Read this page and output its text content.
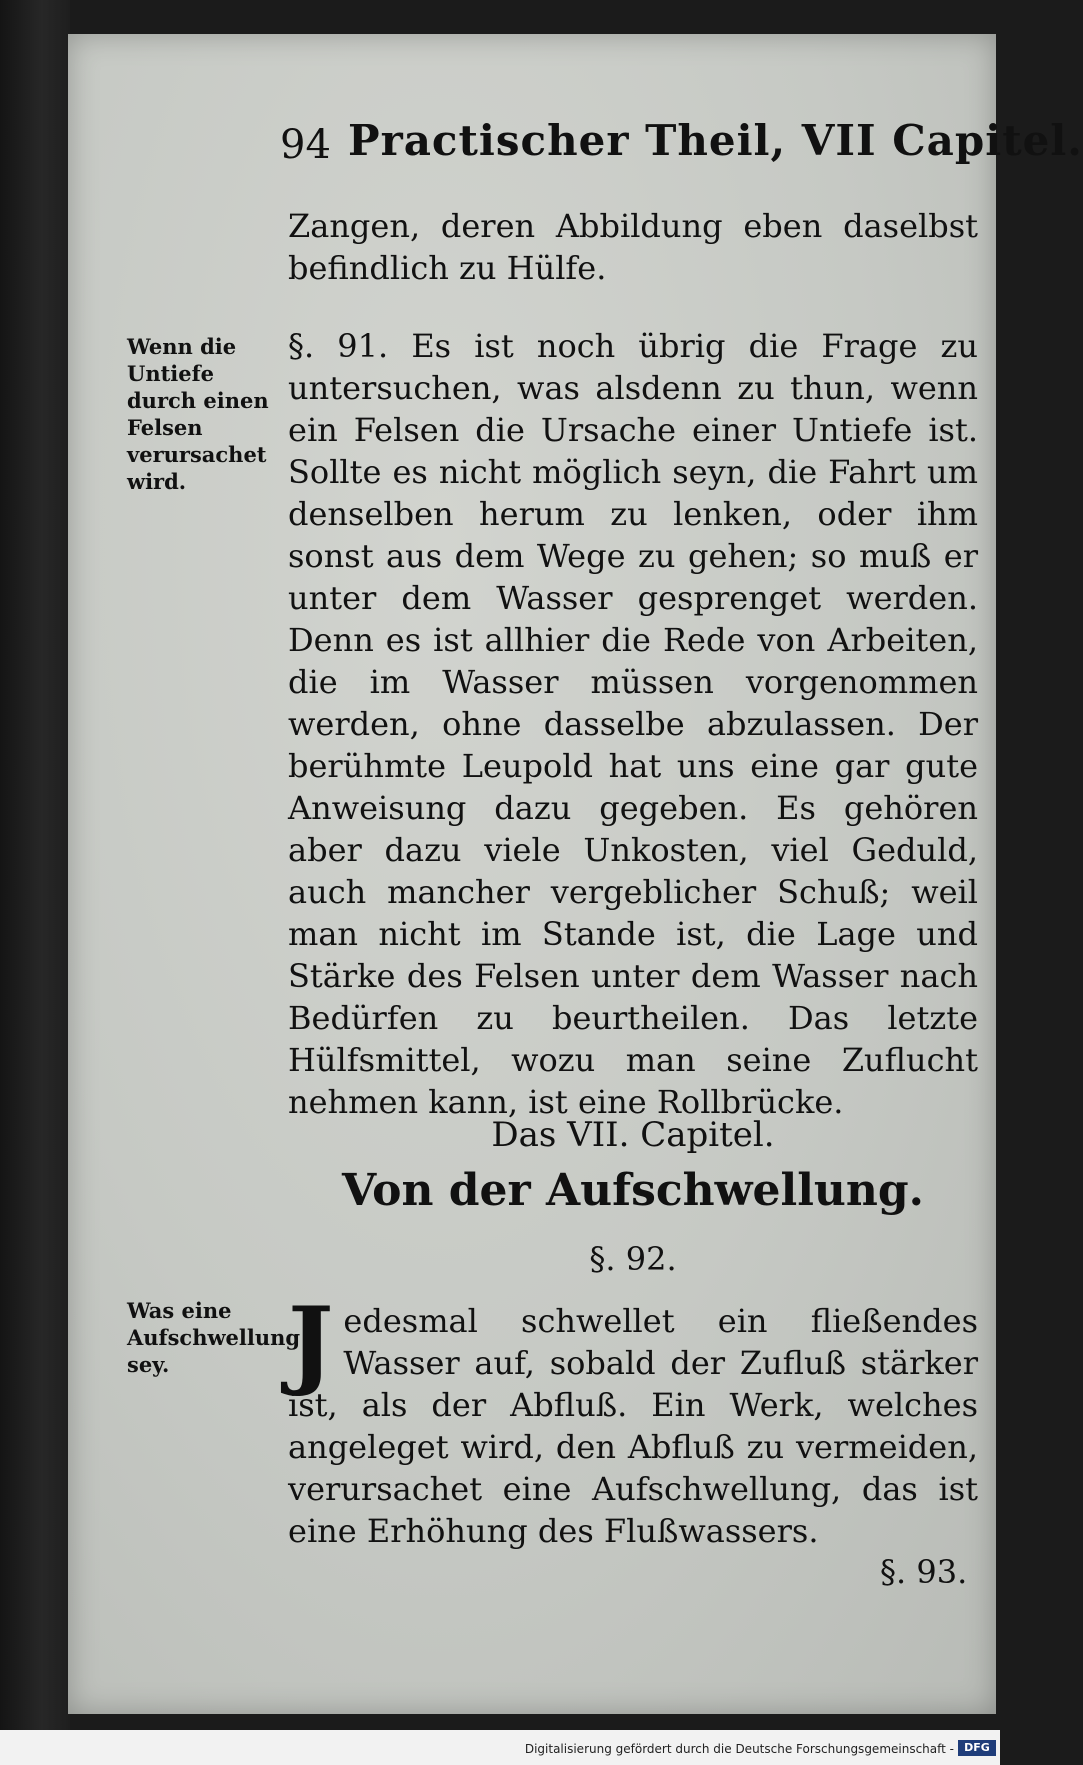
94 Practischer Theil, VII Capitel.
Zangen, deren Abbildung eben daselbst befindlich zu Hülfe.
Wenn die Untiefe durch einen Felsen verursachet wird.
§. 91. Es ist noch übrig die Frage zu untersuchen, was alsdenn zu thun, wenn ein Felsen die Ursache einer Untiefe ist. Sollte es nicht möglich seyn, die Fahrt um denselben herum zu lenken, oder ihm sonst aus dem Wege zu gehen; so muß er unter dem Wasser gesprenget werden. Denn es ist allhier die Rede von Arbeiten, die im Wasser müssen vorgenommen werden, ohne dasselbe abzulassen. Der berühmte Leupold hat uns eine gar gute Anweisung dazu gegeben. Es gehören aber dazu viele Unkosten, viel Geduld, auch mancher vergeblicher Schuß; weil man nicht im Stande ist, die Lage und Stärke des Felsen unter dem Wasser nach Bedürfen zu beurtheilen. Das letzte Hülfsmittel, wozu man seine Zuflucht nehmen kann, ist eine Rollbrücke.
Das VII. Capitel.
Von der Aufschwellung.
§. 92.
Was eine Aufschwellung sey.	J edesmal schwellet ein fließendes Wasser auf, sobald der Zufluß stärker ist, als der Abfluß. Ein Werk, welches angeleget wird, den Abfluß zu vermeiden, verursachet eine Aufschwellung, das ist eine Erhöhung des Flußwassers.
§. 93.
Digitalisierung gefördert durch die Deutsche Forschungsgemeinschaft - DFG
